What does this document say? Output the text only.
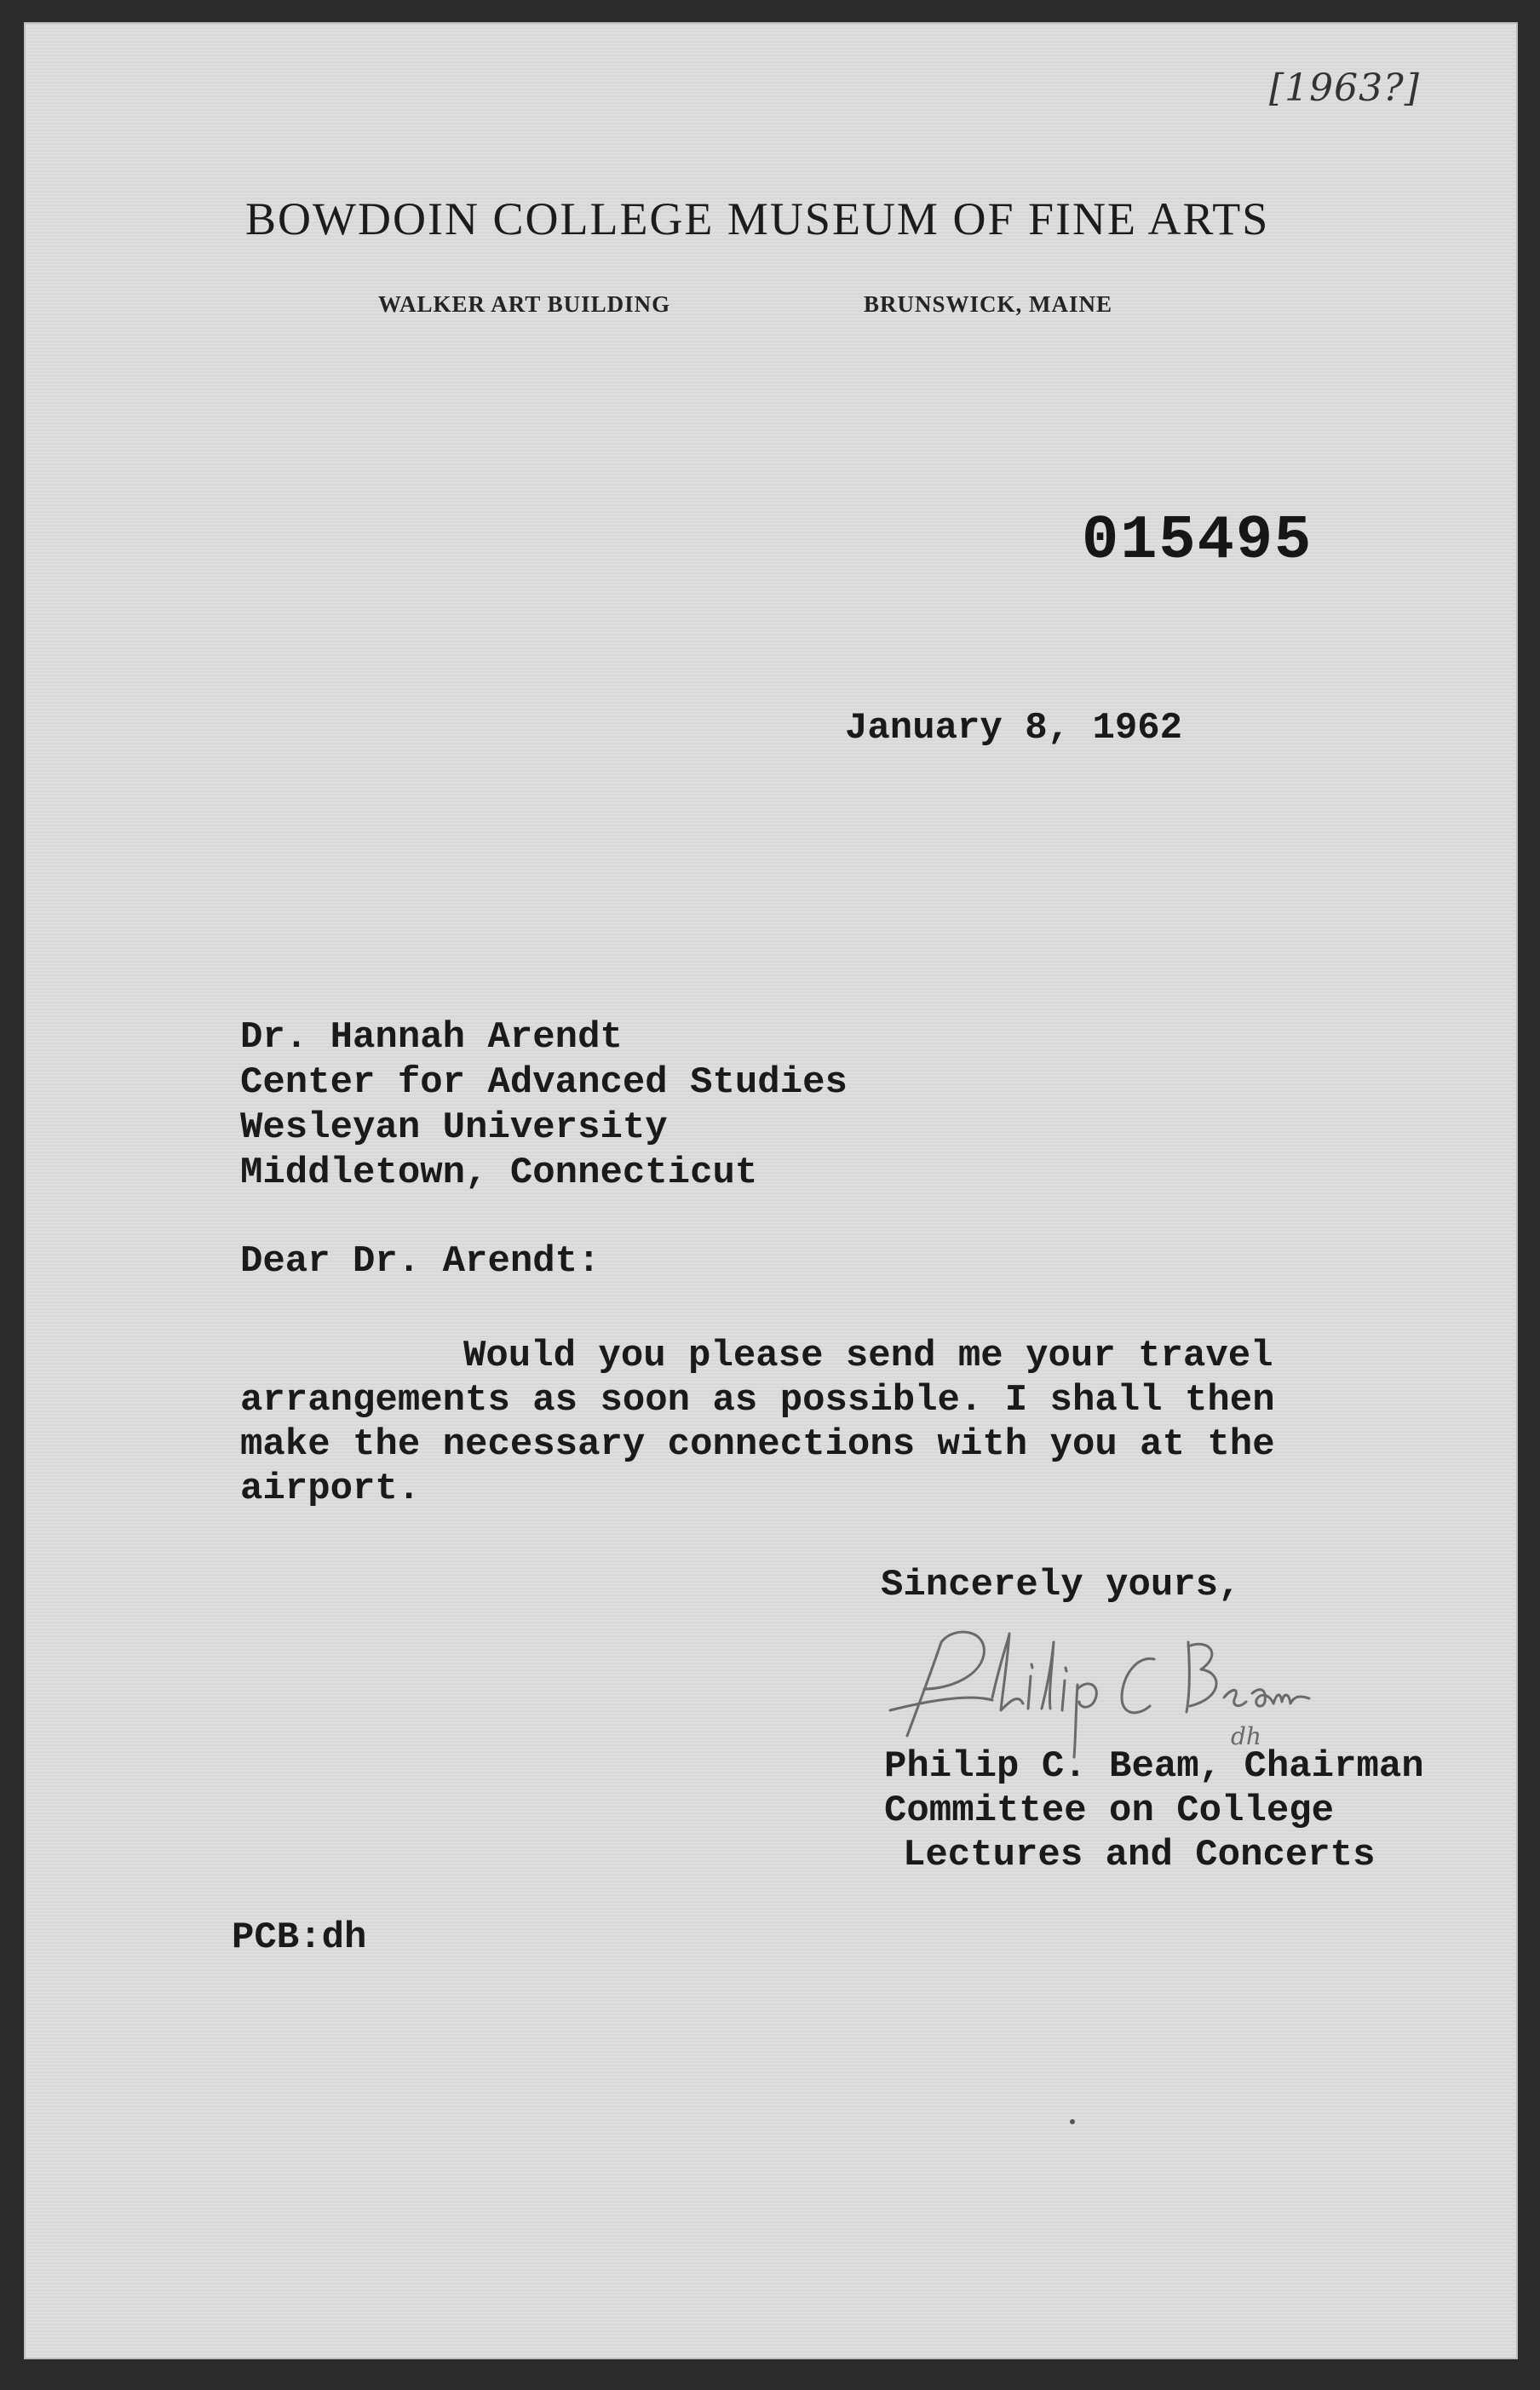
[1963?]
BOWDOIN COLLEGE MUSEUM OF FINE ARTS
WALKER ART BUILDING	BRUNSWICK, MAINE
015495

January 8, 1962

Dr. Hannah Arendt

Center for Advanced Studies

Wesleyan University

Middletown, Connecticut

Dear Dr. Arendt:

Would you please send me your travel

arrangements as soon as possible. I shall then

make the necessary connections with you at the

airport.

Sincerely yours,

dh

Philip C. Beam, Chairman

Committee on College

Lectures and Concerts

PCB:dh
